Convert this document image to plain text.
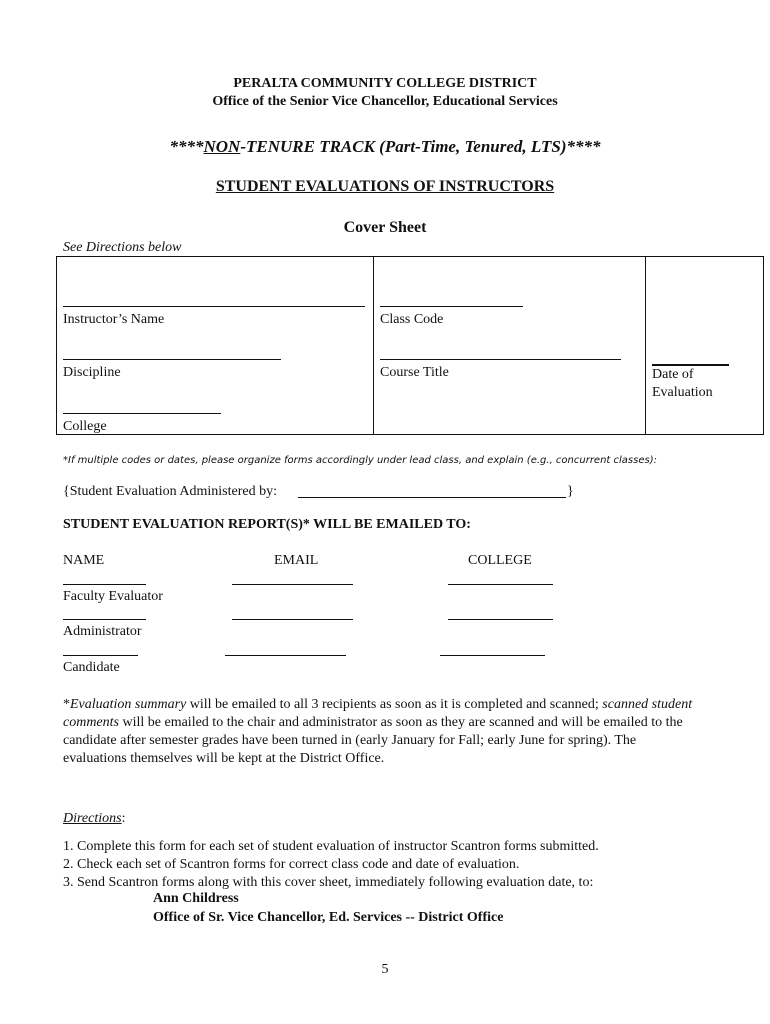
PERALTA COMMUNITY COLLEGE DISTRICT
Office of the Senior Vice Chancellor, Educational Services
****NON-TENURE TRACK (Part-Time, Tenured, LTS)****
STUDENT EVALUATIONS OF INSTRUCTORS
Cover Sheet
See Directions below
Instructor’s Name
Discipline
College
Class Code
Course Title	Date of
Evaluation
*If multiple codes or dates, please organize forms accordingly under lead class, and explain (e.g., concurrent classes):
{Student Evaluation Administered by:	}
STUDENT EVALUATION REPORT(S)* WILL BE EMAILED TO:
NAME	EMAIL	COLLEGE
Faculty Evaluator
Administrator
Candidate
*Evaluation summary will be emailed to all 3 recipients as soon as it is completed and scanned; scanned student comments will be emailed to the chair and administrator as soon as they are scanned and will be emailed to the candidate after semester grades have been turned in (early January for Fall; early June for spring). The evaluations themselves will be kept at the District Office.
Directions:
1. Complete this form for each set of student evaluation of instructor Scantron forms submitted.
2. Check each set of Scantron forms for correct class code and date of evaluation.
3. Send Scantron forms along with this cover sheet, immediately following evaluation date, to:
Ann Childress
Office of Sr. Vice Chancellor, Ed. Services -- District Office
5
